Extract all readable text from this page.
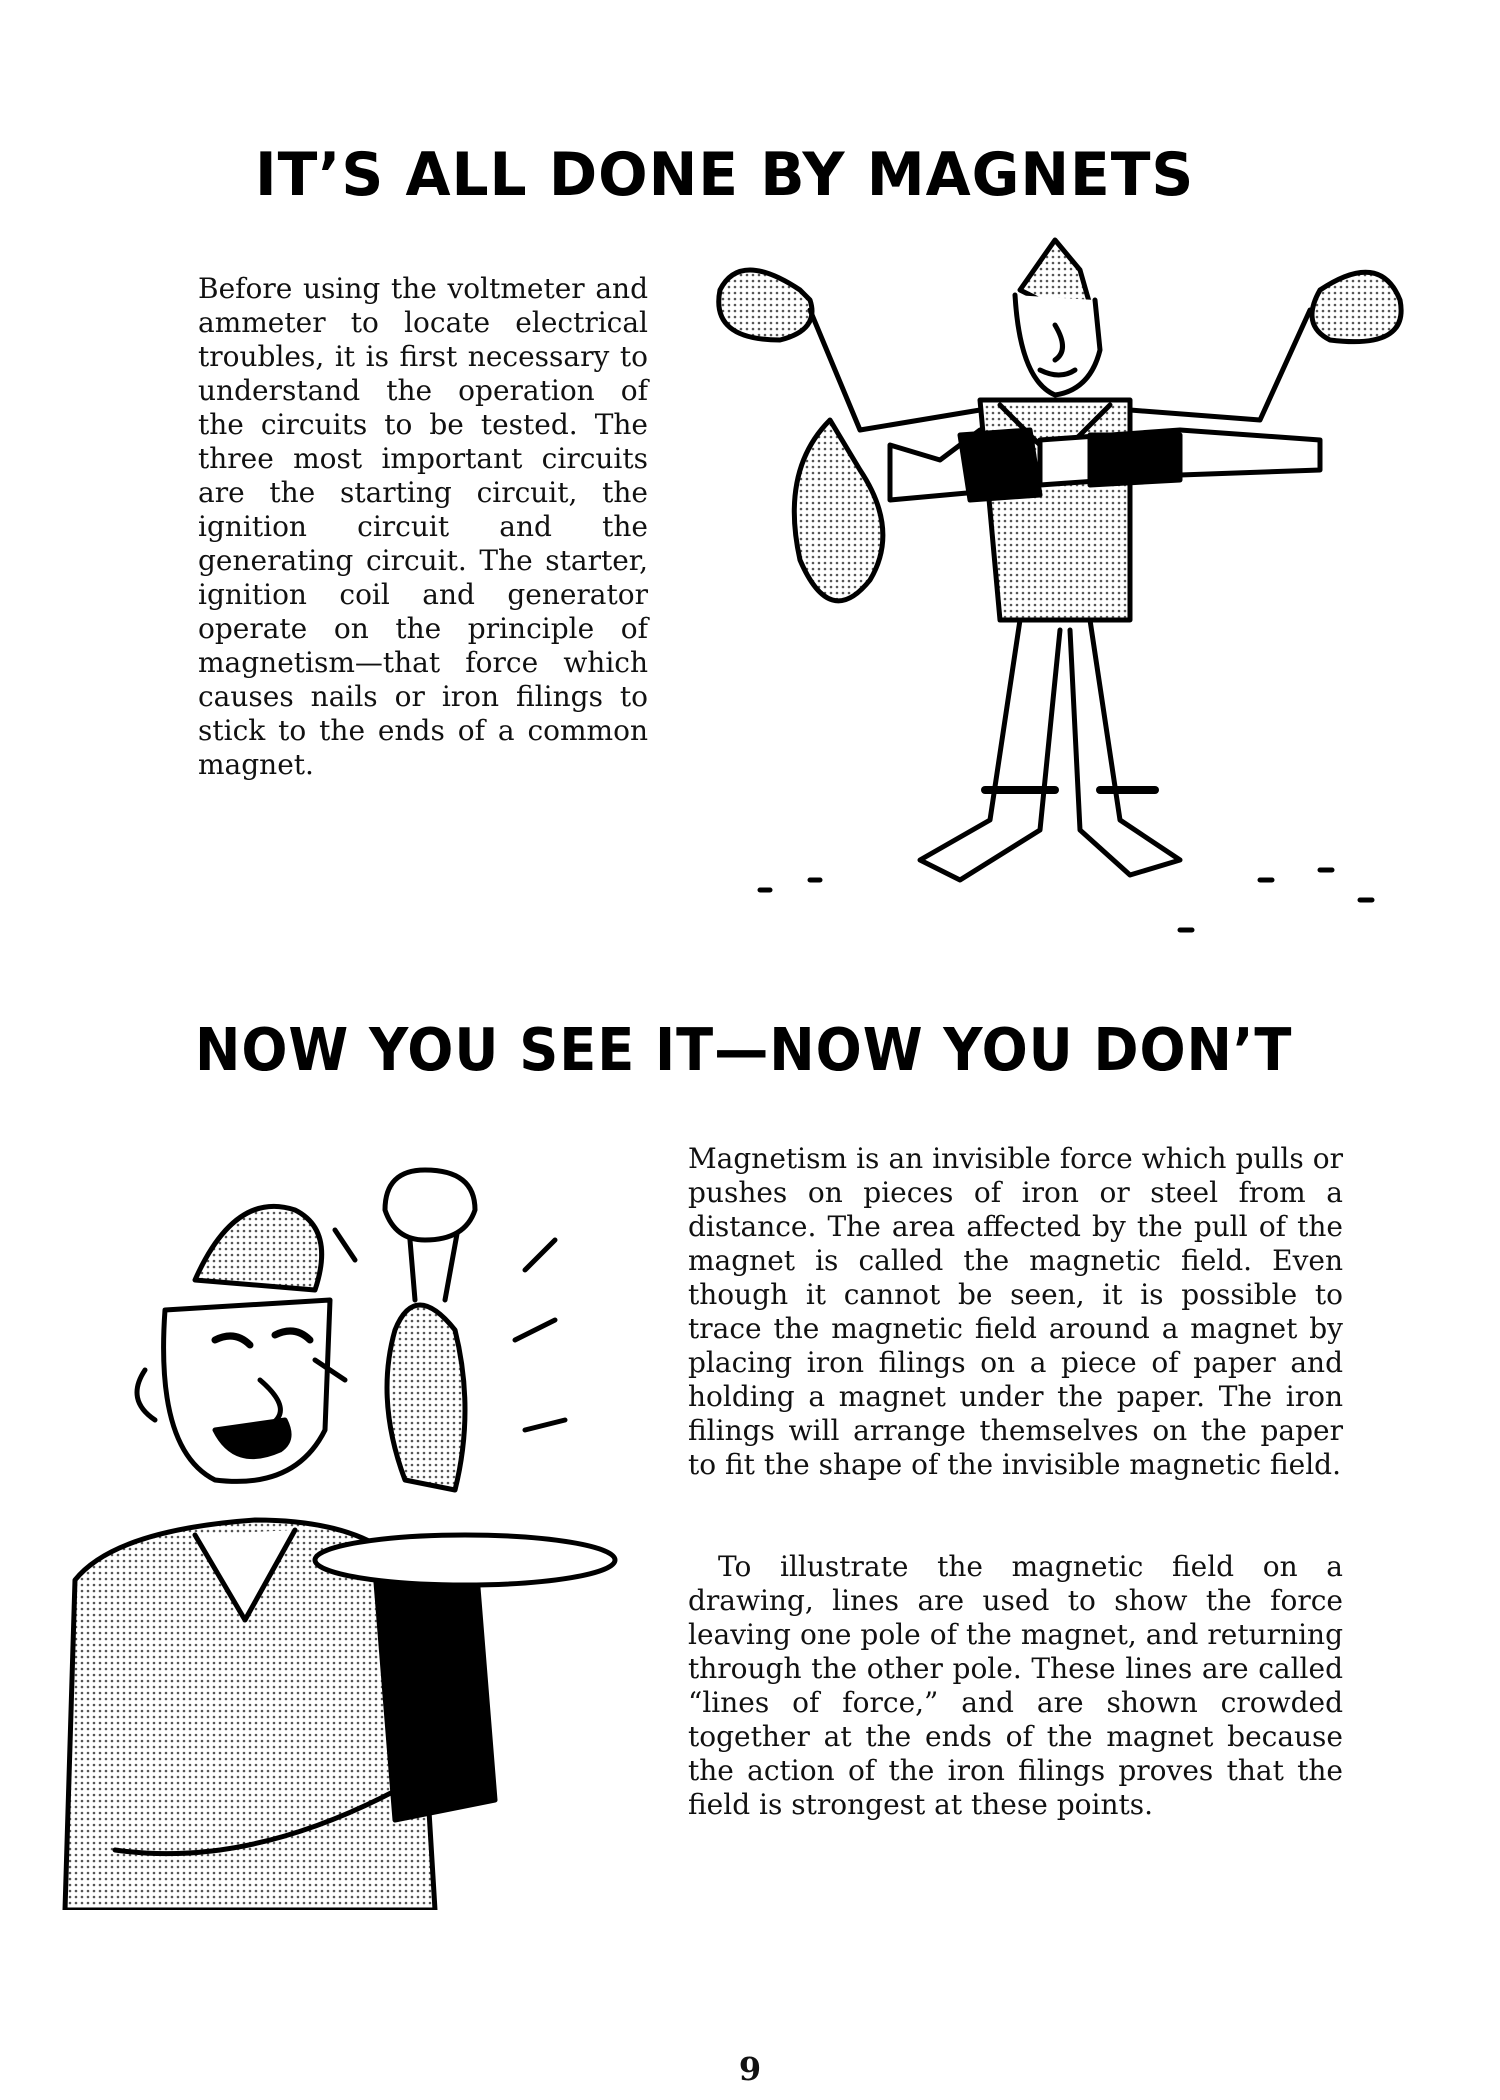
IT’S ALL DONE BY MAGNETS

Before using the voltmeter and ammeter to locate electrical troubles, it is first necessary to understand the operation of the circuits to be tested. The three most important circuits are the starting circuit, the ignition circuit and the generating circuit. The starter, ignition coil and generator operate on the principle of magnetism—that force which causes nails or iron filings to stick to the ends of a common magnet.

NOW YOU SEE IT—NOW YOU DON’T

Magnetism is an invisible force which pulls or pushes on pieces of iron or steel from a distance. The area affected by the pull of the magnet is called the magnetic field. Even though it cannot be seen, it is possible to trace the magnetic field around a magnet by placing iron filings on a piece of paper and holding a magnet under the paper. The iron filings will arrange themselves on the paper to fit the shape of the invisible magnetic field.

To illustrate the magnetic field on a drawing, lines are used to show the force leaving one pole of the magnet, and returning through the other pole. These lines are called “lines of force,” and are shown crowded together at the ends of the magnet because the action of the iron filings proves that the field is strongest at these points.

9
